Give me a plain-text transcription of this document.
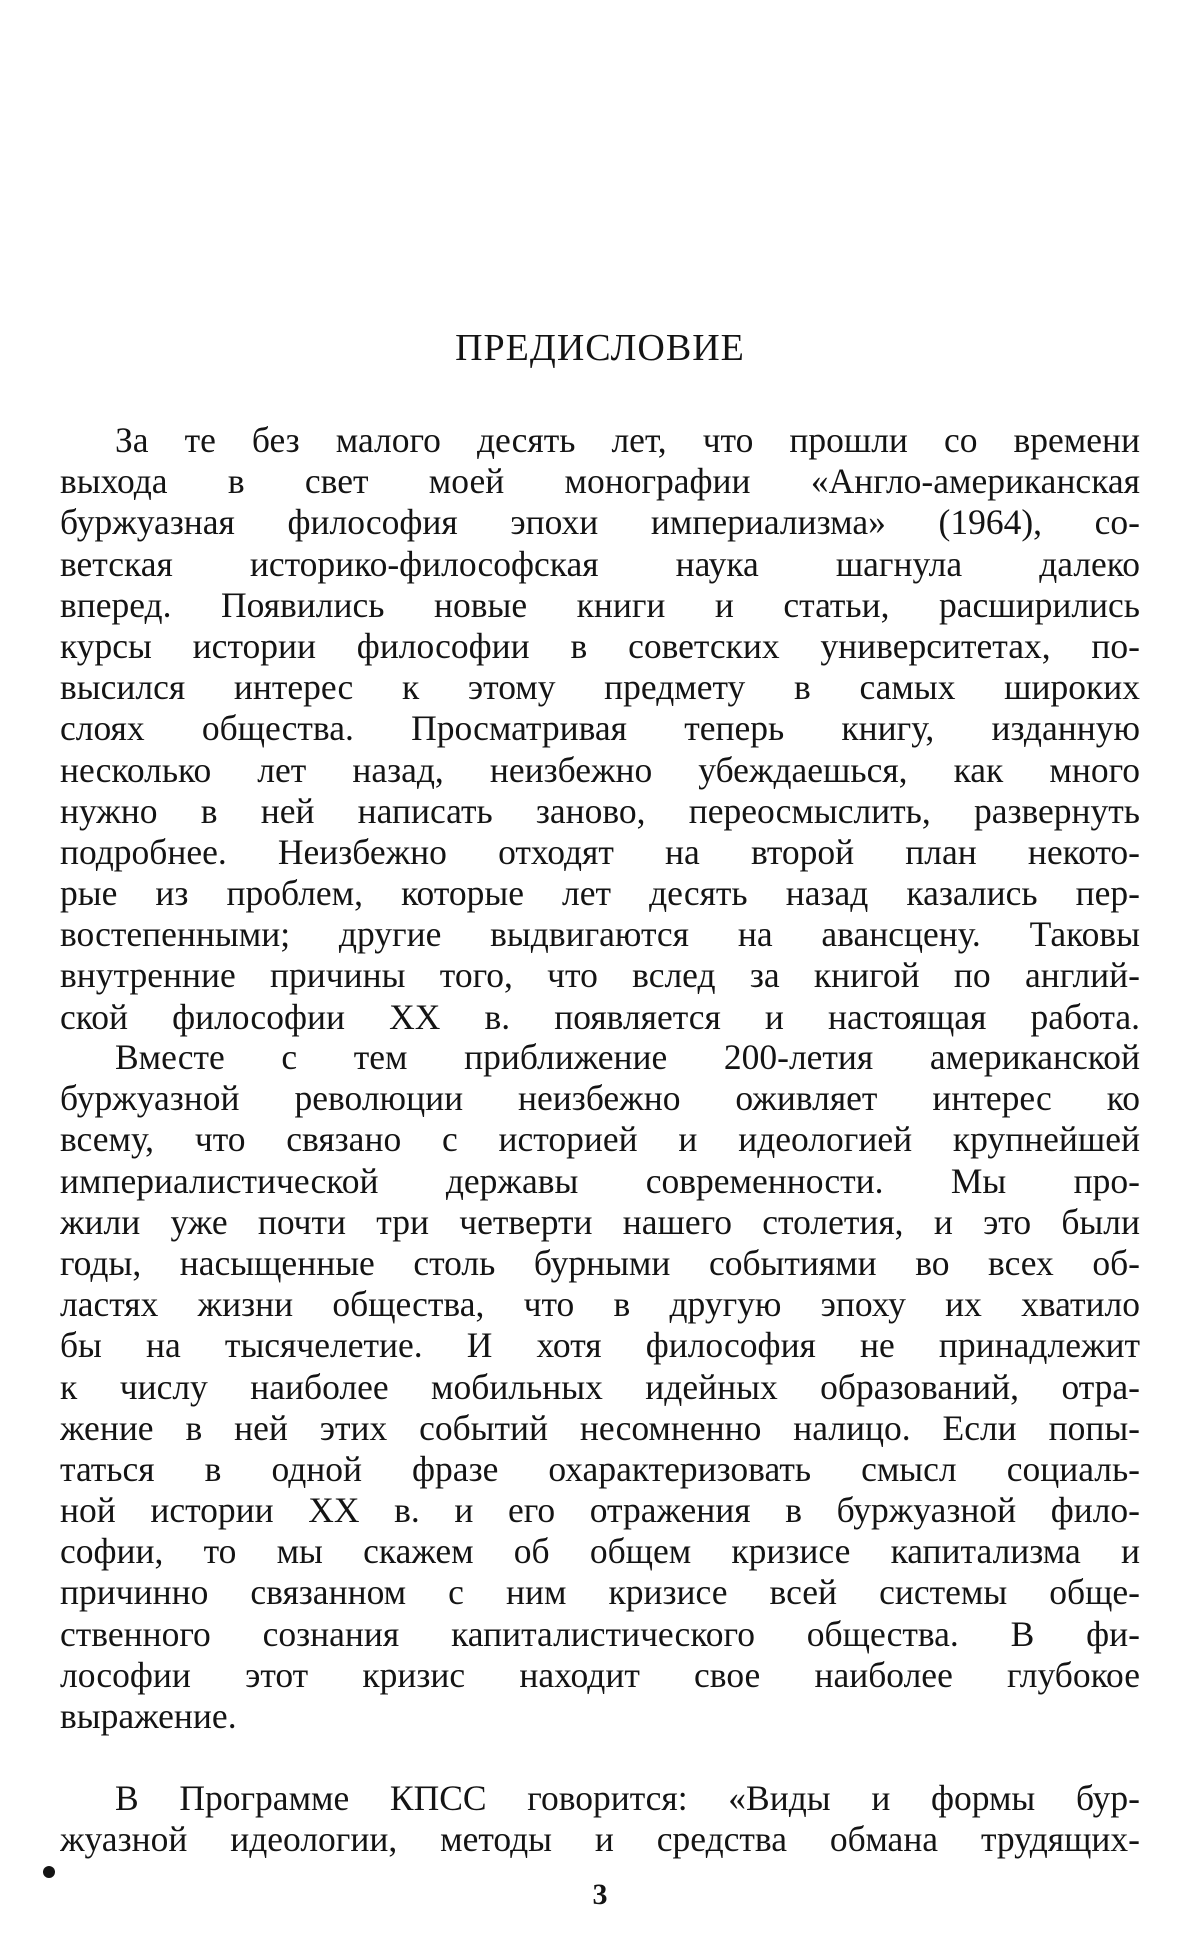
ПРЕДИСЛОВИЕ
За те без малого десять лет, что прошли со времени
выхода в свет моей монографии «Англо-американская
буржуазная философия эпохи империализма» (1964), со-
ветская историко-философская наука шагнула далеко
вперед. Появились новые книги и статьи, расширились
курсы истории философии в советских университетах, по-
высился интерес к этому предмету в самых широких
слоях общества. Просматривая теперь книгу, изданную
несколько лет назад, неизбежно убеждаешься, как много
нужно в ней написать заново, переосмыслить, развернуть
подробнее. Неизбежно отходят на второй план некото-
рые из проблем, которые лет десять назад казались пер-
востепенными; другие выдвигаются на авансцену. Таковы
внутренние причины того, что вслед за книгой по англий-
ской философии XX в. появляется и настоящая работа.
Вместе с тем приближение 200-летия американской
буржуазной революции неизбежно оживляет интерес ко
всему, что связано с историей и идеологией крупнейшей
империалистической державы современности. Мы про-
жили уже почти три четверти нашего столетия, и это были
годы, насыщенные столь бурными событиями во всех об-
ластях жизни общества, что в другую эпоху их хватило
бы на тысячелетие. И хотя философия не принадлежит
к числу наиболее мобильных идейных образований, отра-
жение в ней этих событий несомненно налицо. Если попы-
таться в одной фразе охарактеризовать смысл социаль-
ной истории XX в. и его отражения в буржуазной фило-
софии, то мы скажем об общем кризисе капитализма и
причинно связанном с ним кризисе всей системы обще-
ственного сознания капиталистического общества. В фи-
лософии этот кризис находит свое наиболее глубокое
выражение.
В Программе КПСС говорится: «Виды и формы бур-
жуазной идеологии, методы и средства обмана трудящих-
3
